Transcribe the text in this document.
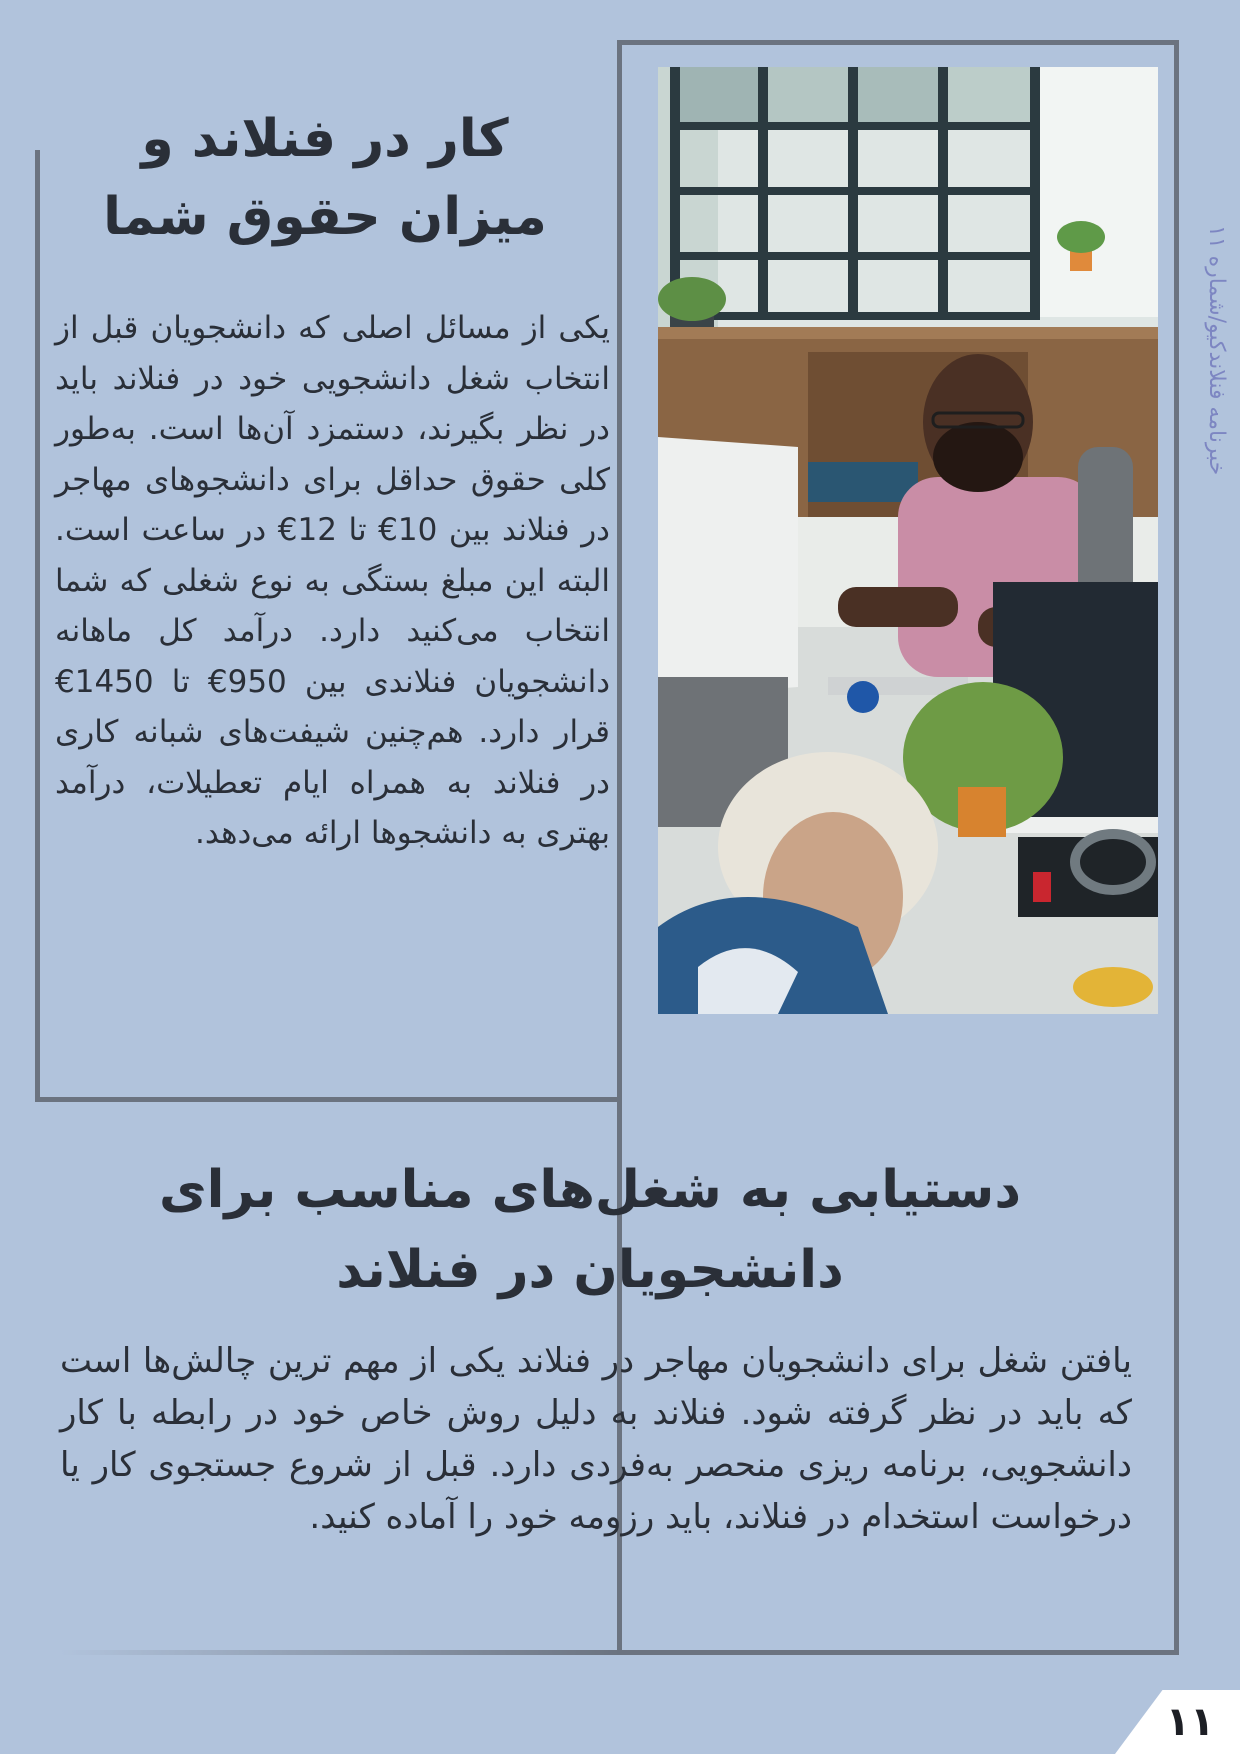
کار در فنلاند و میزان حقوق شما

یکی از مسائل اصلی که دانشجویان قبل از انتخاب شغل دانشجویی خود در فنلاند باید در نظر بگیرند، دستمزد آن‌ها است. به‌طور کلی حقوق حداقل برای دانشجوهای مهاجر در فنلاند بین 10€ تا 12€ در ساعت است. البته این مبلغ بستگی به نوع شغلی که شما انتخاب می‌کنید دارد. درآمد کل ماهانه دانشجویان فنلاندی بین 950€ تا 1450€ قرار دارد. هم‌چنین شیفت‌های شبانه کاری در فنلاند به همراه ایام تعطیلات، درآمد بهتری به دانشجوها ارائه می‌دهد.

دستیابی به شغل‌های مناسب برای دانشجویان در فنلاند

یافتن شغل برای دانشجویان مهاجر در فنلاند یکی از مهم ترین چالش‌ها است که باید در نظر گرفته شود. فنلاند به دلیل روش خاص خود در رابطه با کار دانشجویی، برنامه ریزی منحصر به‌فردی دارد. قبل از شروع جستجوی کار یا درخواست استخدام در فنلاند، باید رزومه خود را آماده کنید.

خبرنامه فنلاندکیو/شماره ۱۱
۱۱
